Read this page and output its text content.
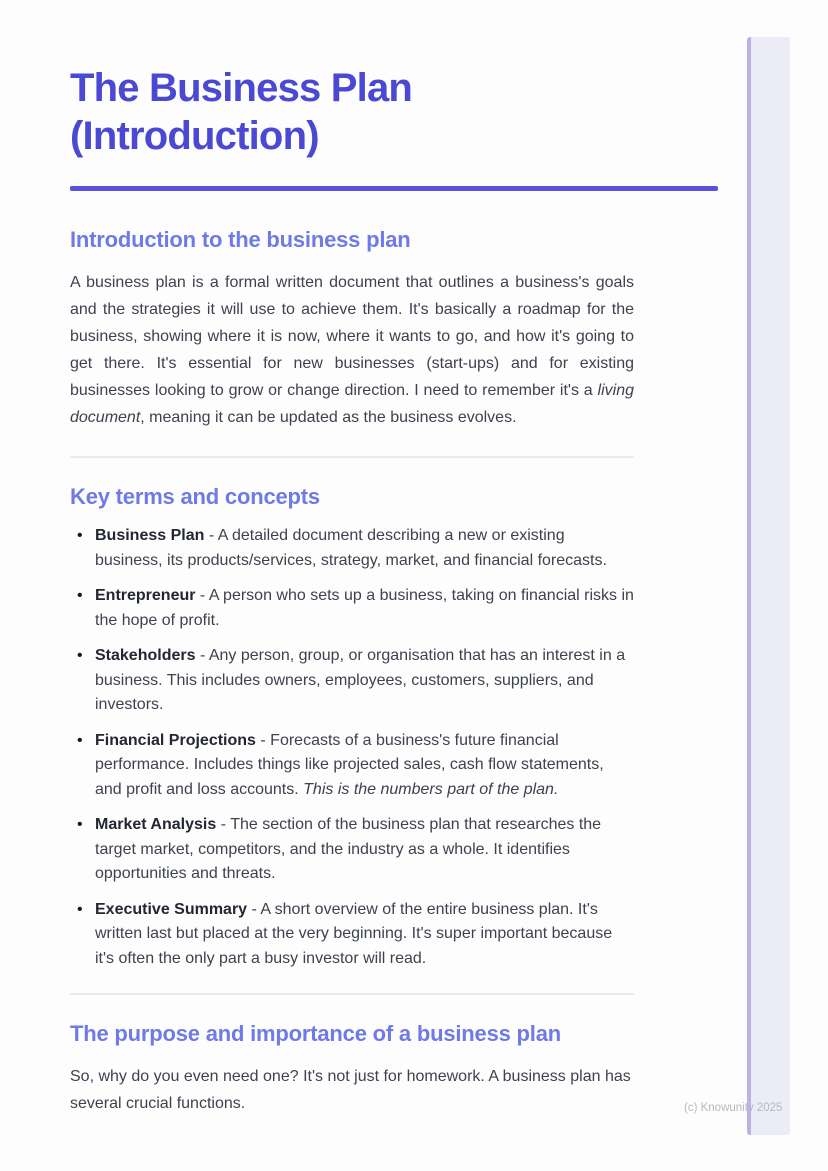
The Business Plan
(Introduction)
Introduction to the business plan

A business plan is a formal written document that outlines a business's goals and the strategies it will use to achieve them. It's basically a roadmap for the business, showing where it is now, where it wants to go, and how it's going to get there. It's essential for new businesses (start-ups) and for existing businesses looking to grow or change direction. I need to remember it's a living document, meaning it can be updated as the business evolves.

Key terms and concepts
• Business Plan - A detailed document describing a new or existing business, its products/services, strategy, market, and financial forecasts.
• Entrepreneur - A person who sets up a business, taking on financial risks in the hope of profit.
• Stakeholders - Any person, group, or organisation that has an interest in a business. This includes owners, employees, customers, suppliers, and investors.
• Financial Projections - Forecasts of a business's future financial performance. Includes things like projected sales, cash flow statements, and profit and loss accounts. This is the numbers part of the plan.
• Market Analysis - The section of the business plan that researches the target market, competitors, and the industry as a whole. It identifies opportunities and threats.
• Executive Summary - A short overview of the entire business plan. It's written last but placed at the very beginning. It's super important because it's often the only part a busy investor will read.
The purpose and importance of a business plan

So, why do you even need one? It's not just for homework. A business plan has several crucial functions.	(c) Knowunity 2025
